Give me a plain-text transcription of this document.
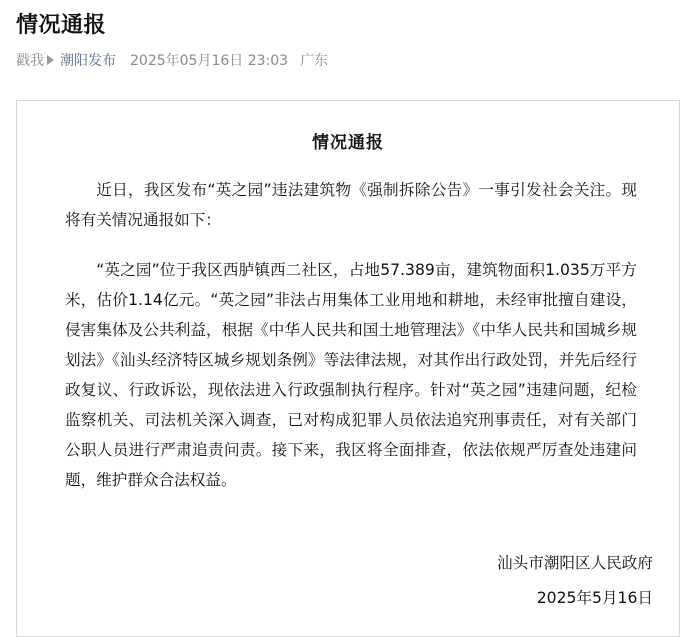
情况通报
戳我 潮阳发布 2025年05月16日 23:03 广东
情况通报

近日，我区发布“英之园”违法建筑物《强制拆除公告》一事引发社会关注。现将有关情况通报如下：

“英之园”位于我区西胪镇西二社区，占地57.389亩，建筑物面积1.035万平方米，估价1.14亿元。“英之园”非法占用集体工业用地和耕地，未经审批擅自建设，侵害集体及公共利益，根据《中华人民共和国土地管理法》《中华人民共和国城乡规划法》《汕头经济特区城乡规划条例》等法律法规，对其作出行政处罚，并先后经行政复议、行政诉讼，现依法进入行政强制执行程序。针对“英之园”违建问题，纪检监察机关、司法机关深入调查，已对构成犯罪人员依法追究刑事责任，对有关部门公职人员进行严肃追责问责。接下来，我区将全面排查，依法依规严厉查处违建问题，维护群众合法权益。

汕头市潮阳区人民政府
2025年5月16日
